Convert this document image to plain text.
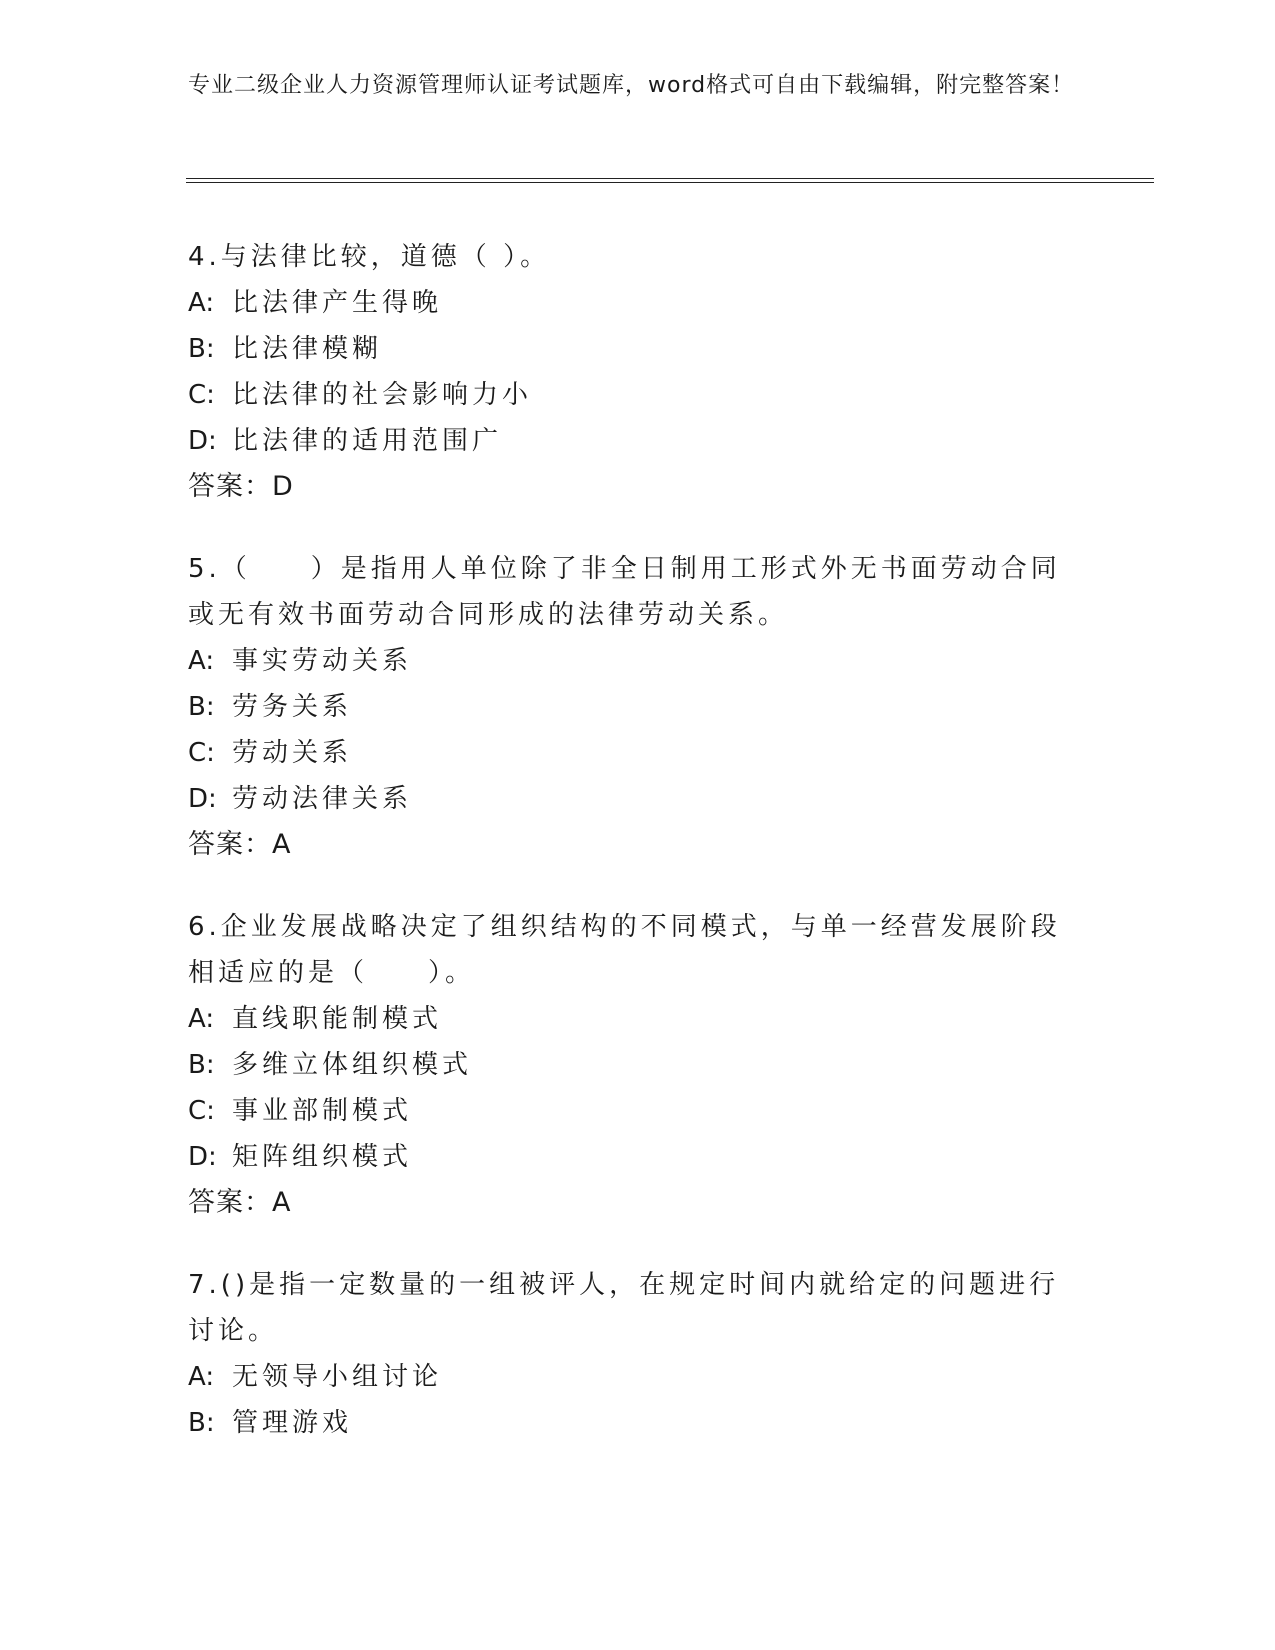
专业二级企业人力资源管理师认证考试题库，word格式可自由下载编辑，附完整答案！
4.与法律比较，道德（ ）。
A: 比法律产生得晚
B: 比法律模糊
C: 比法律的社会影响力小
D: 比法律的适用范围广
答案：D
5.（　　）是指用人单位除了非全日制用工形式外无书面劳动合同或无有效书面劳动合同形成的法律劳动关系。
A: 事实劳动关系
B: 劳务关系
C: 劳动关系
D: 劳动法律关系
答案：A
6.企业发展战略决定了组织结构的不同模式，与单一经营发展阶段相适应的是（　　）。
A: 直线职能制模式
B: 多维立体组织模式
C: 事业部制模式
D: 矩阵组织模式
答案：A
7.()是指一定数量的一组被评人，在规定时间内就给定的问题进行讨论。
A: 无领导小组讨论
B: 管理游戏
